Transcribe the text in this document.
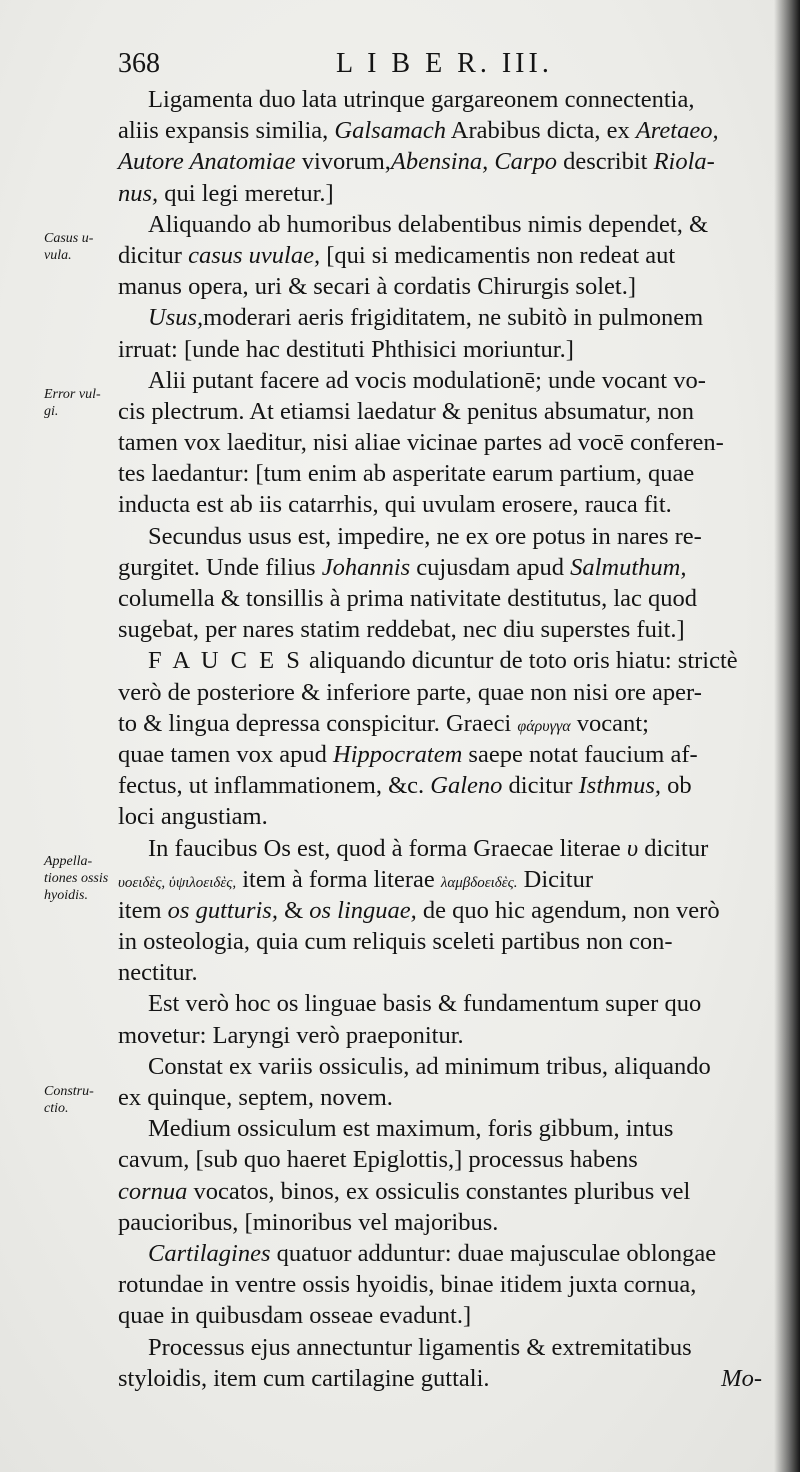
368	L I B E R. III.
Casus u-
vula.
Error vul-
gi.
Appella-
tiones ossis
hyoidis.
Constru-
ctio.
Ligamenta duo lata utrinque gargareonem connectentia,
aliis expansis similia, Galsamach Arabibus dicta, ex Aretaeo,
Autore Anatomiae vivorum,Abensina, Carpo describit Riola-
nus, qui legi meretur.]
Aliquando ab humoribus delabentibus nimis dependet, &
dicitur casus uvulae, [qui si medicamentis non redeat aut
manus opera, uri & secari à cordatis Chirurgis solet.]
Usus,moderari aeris frigiditatem, ne subitò in pulmonem
irruat: [unde hac destituti Phthisici moriuntur.]
Alii putant facere ad vocis modulationē; unde vocant vo-
cis plectrum. At etiamsi laedatur & penitus absumatur, non
tamen vox laeditur, nisi aliae vicinae partes ad vocē conferen-
tes laedantur: [tum enim ab asperitate earum partium, quae
inducta est ab iis catarrhis, qui uvulam erosere, rauca fit.
Secundus usus est, impedire, ne ex ore potus in nares re-
gurgitet. Unde filius Johannis cujusdam apud Salmuthum,
columella & tonsillis à prima nativitate destitutus, lac quod
sugebat, per nares statim reddebat, nec diu superstes fuit.]
F A U C E S aliquando dicuntur de toto oris hiatu: strictè
verò de posteriore & inferiore parte, quae non nisi ore aper-
to & lingua depressa conspicitur. Graeci φάρυγγα vocant;
quae tamen vox apud Hippocratem saepe notat faucium af-
fectus, ut inflammationem, &c. Galeno dicitur Isthmus, ob
loci angustiam.
In faucibus Os est, quod à forma Graecae literae υ dicitur
υοειδὲς, ὑψιλοειδὲς, item à forma literae λαμβδοειδὲς. Dicitur
item os gutturis, & os linguae, de quo hic agendum, non verò
in osteologia, quia cum reliquis sceleti partibus non con-
nectitur.
Est verò hoc os linguae basis & fundamentum super quo
movetur: Laryngi verò praeponitur.
Constat ex variis ossiculis, ad minimum tribus, aliquando
ex quinque, septem, novem.
Medium ossiculum est maximum, foris gibbum, intus
cavum, [sub quo haeret Epiglottis,] processus habens
cornua vocatos, binos, ex ossiculis constantes pluribus vel
paucioribus, [minoribus vel majoribus.
Cartilagines quatuor adduntur: duae majusculae oblongae
rotundae in ventre ossis hyoidis, binae itidem juxta cornua,
quae in quibusdam osseae evadunt.]
Processus ejus annectuntur ligamentis & extremitatibus
styloidis, item cum cartilagine guttali.	Mo-
